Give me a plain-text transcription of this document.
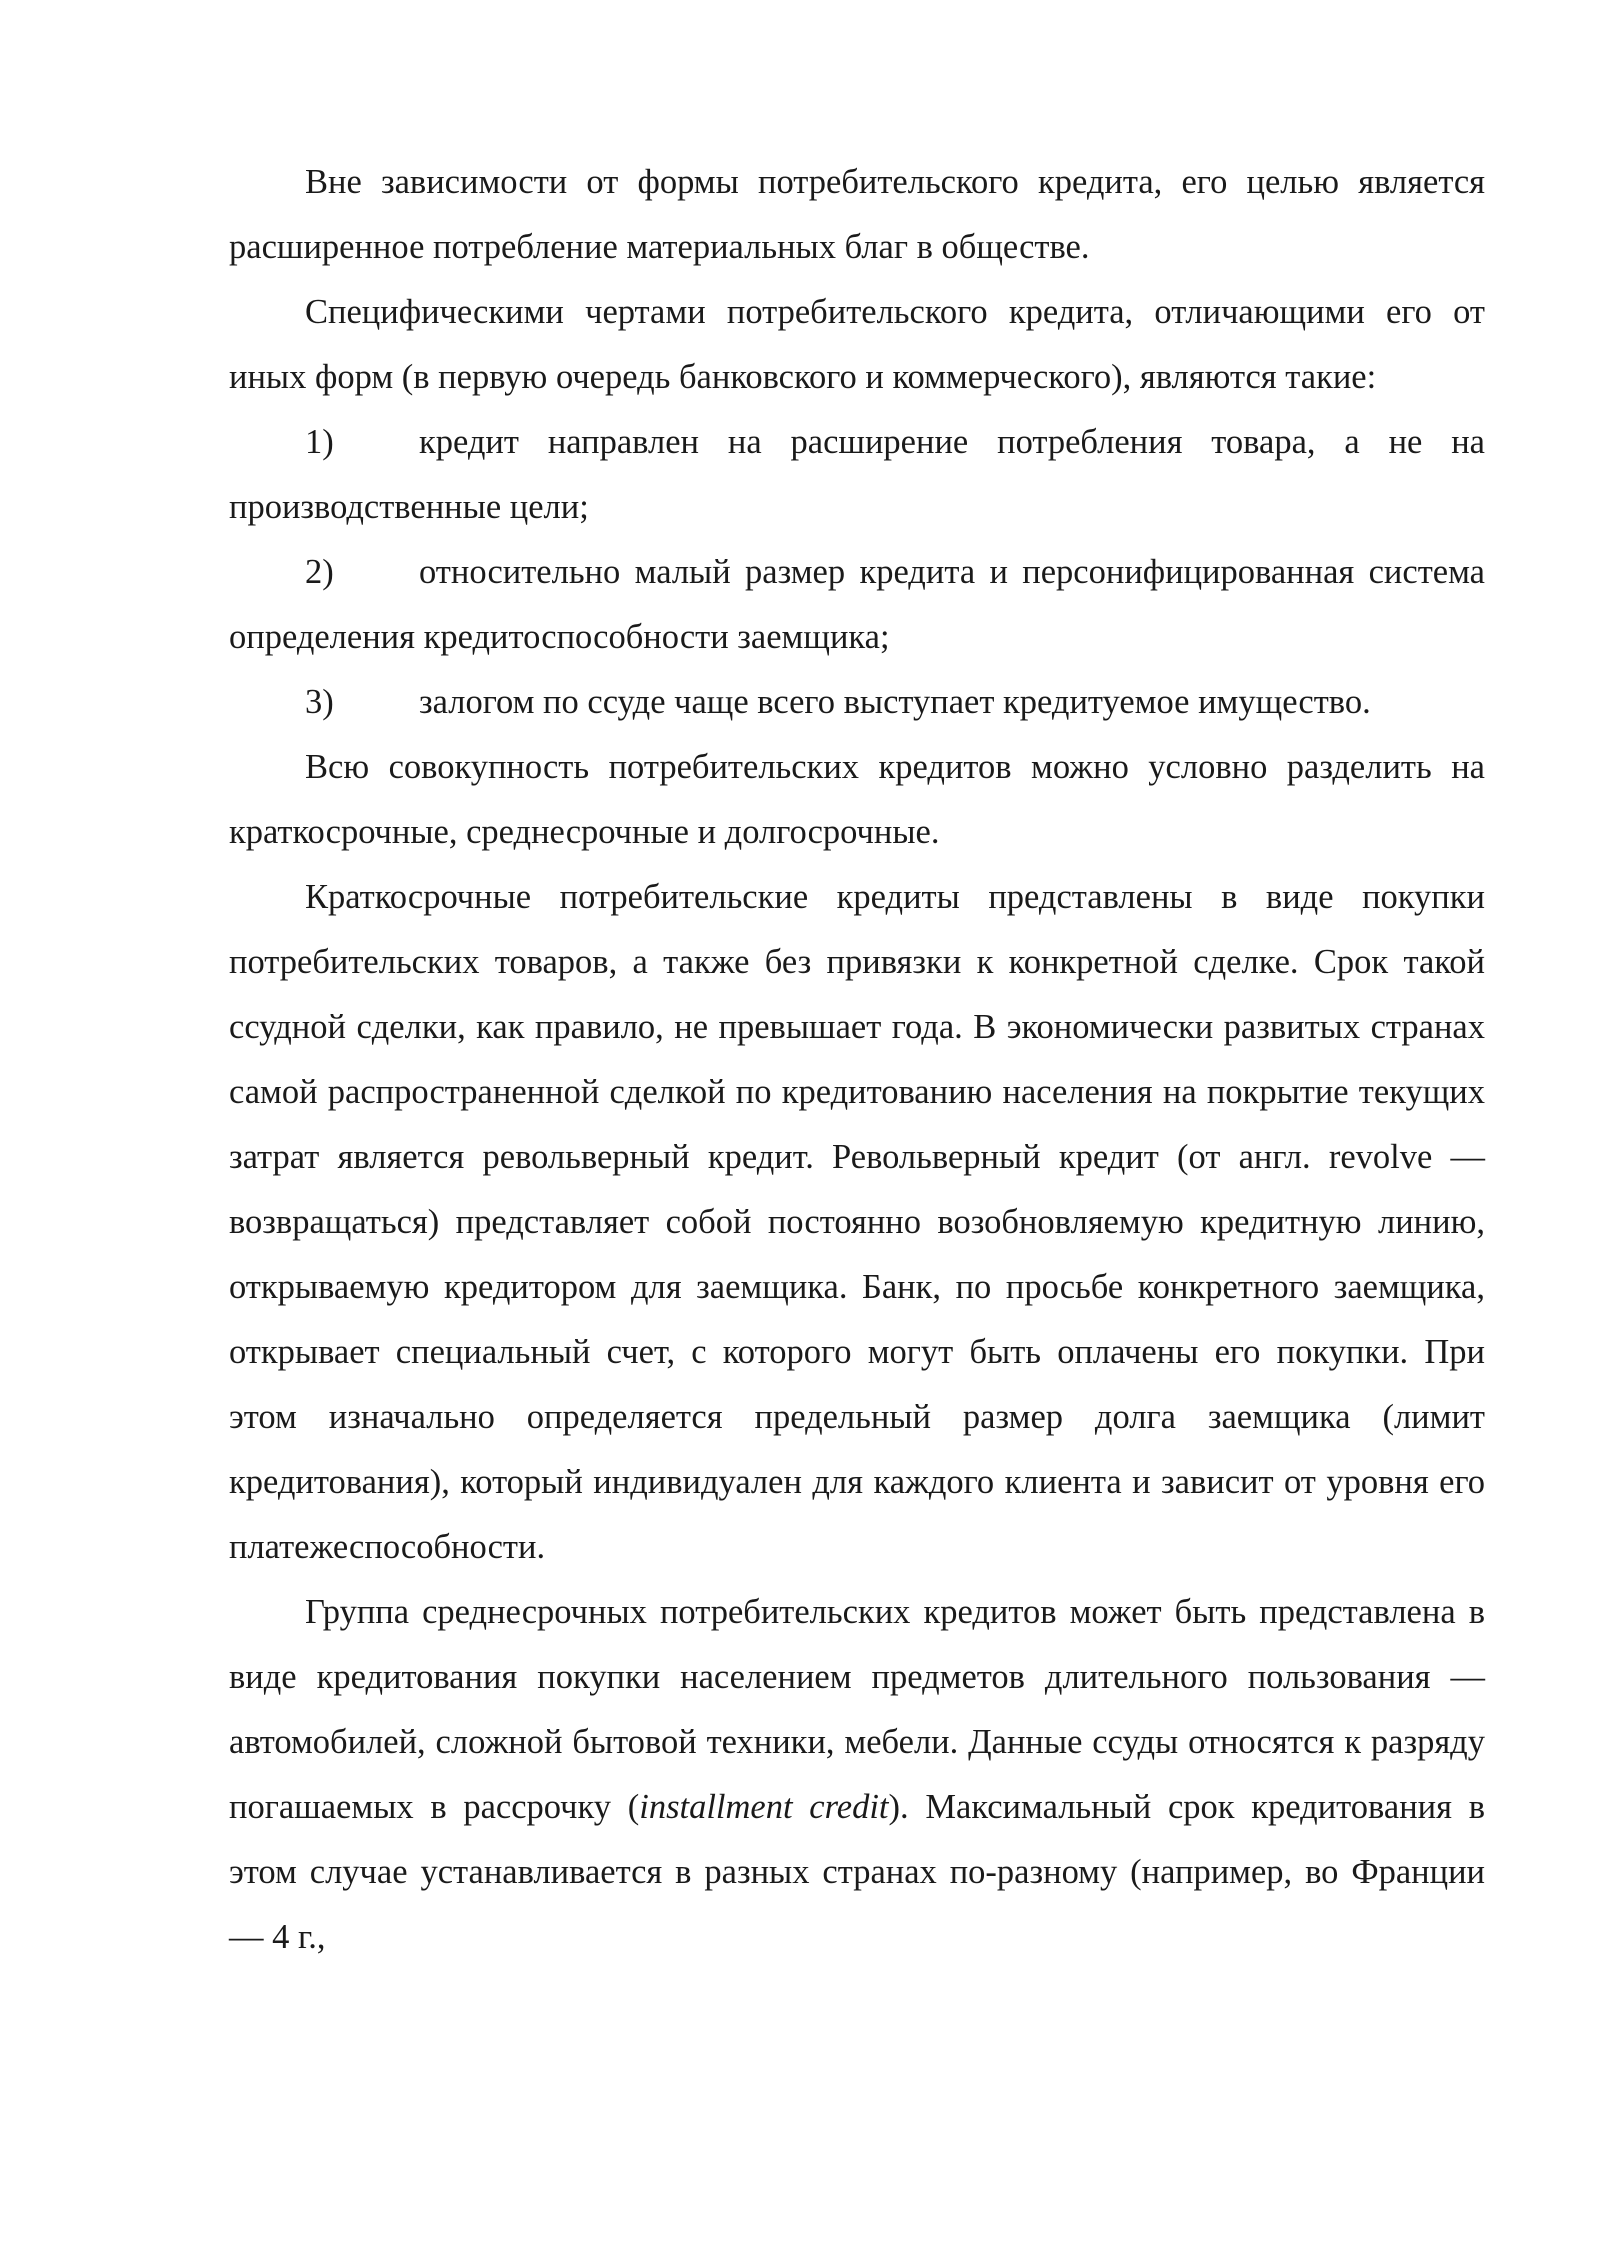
Вне зависимости от формы потребительского кредита, его целью является расширенное потребление материальных благ в обществе.

Специфическими чертами потребительского кредита, отличающими его от иных форм (в первую очередь банковского и коммерческого), являются такие:

1) кредит направлен на расширение потребления товара, а не на производственные цели;

2) относительно малый размер кредита и персонифицированная система определения кредитоспособности заемщика;

3) залогом по ссуде чаще всего выступает кредитуемое имущество.

Всю совокупность потребительских кредитов можно условно разделить на краткосрочные, среднесрочные и долгосрочные.

Краткосрочные потребительские кредиты представлены в виде покупки потребительских товаров, а также без привязки к конкретной сделке. Срок такой ссудной сделки, как правило, не превышает года. В экономически развитых странах самой распространенной сделкой по кредитованию населения на покрытие текущих затрат является револьверный кредит. Револьверный кредит (от англ. revolve — возвращаться) представляет собой постоянно возобновляемую кредитную линию, открываемую кредитором для заемщика. Банк, по просьбе конкретного заемщика, открывает специальный счет, с которого могут быть оплачены его покупки. При этом изначально определяется предельный размер долга заемщика (лимит кредитования), который индивидуален для каждого клиента и зависит от уровня его платежеспособности.

Группа среднесрочных потребительских кредитов может быть представлена в виде кредитования покупки населением предметов длительного пользования — автомобилей, сложной бытовой техники, мебели. Данные ссуды относятся к разряду погашаемых в рассрочку (installment credit). Максимальный срок кредитования в этом случае устанавливается в разных странах по-разному (например, во Франции — 4 г.,
